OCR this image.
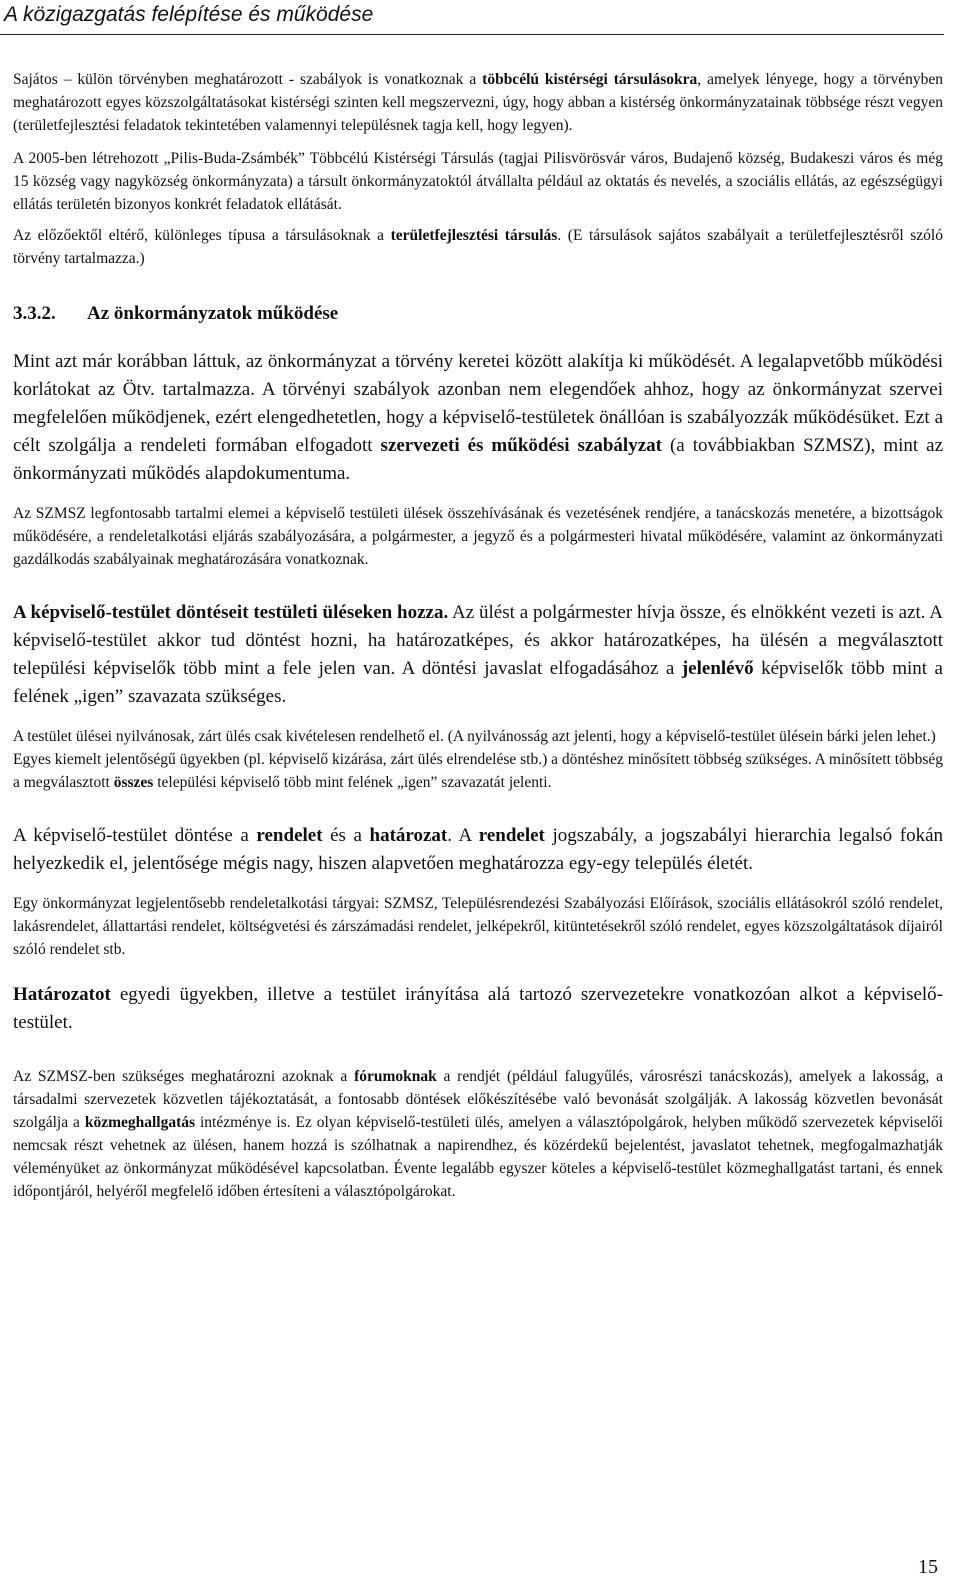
A közigazgatás felépítése és működése

Sajátos – külön törvényben meghatározott - szabályok is vonatkoznak a többcélú kistérségi társulásokra, amelyek lényege, hogy a törvényben meghatározott egyes közszolgáltatásokat kistérségi szinten kell megszervezni, úgy, hogy abban a kistérség önkormányzatainak többsége részt vegyen (területfejlesztési feladatok tekintetében valamennyi településnek tagja kell, hogy legyen).

A 2005-ben létrehozott „Pilis-Buda-Zsámbék” Többcélú Kistérségi Társulás (tagjai Pilisvörösvár város, Budajenő község, Budakeszi város és még 15 község vagy nagyközség önkormányzata) a társult önkormányzatoktól átvállalta például az oktatás és nevelés, a szociális ellátás, az egészségügyi ellátás területén bizonyos konkrét feladatok ellátását.

Az előzőektől eltérő, különleges típusa a társulásoknak a területfejlesztési társulás. (E társulások sajátos szabályait a területfejlesztésről szóló törvény tartalmazza.)

3.3.2. Az önkormányzatok működése

Mint azt már korábban láttuk, az önkormányzat a törvény keretei között alakítja ki működését. A legalapvetőbb működési korlátokat az Ötv. tartalmazza. A törvényi szabályok azonban nem elegendőek ahhoz, hogy az önkormányzat szervei megfelelően működjenek, ezért elengedhetetlen, hogy a képviselő-testületek önállóan is szabályozzák működésüket. Ezt a célt szolgálja a rendeleti formában elfogadott szervezeti és működési szabályzat (a továbbiakban SZMSZ), mint az önkormányzati működés alapdokumentuma.

Az SZMSZ legfontosabb tartalmi elemei a képviselő testületi ülések összehívásának és vezetésének rendjére, a tanácskozás menetére, a bizottságok működésére, a rendeletalkotási eljárás szabályozására, a polgármester, a jegyző és a polgármesteri hivatal működésére, valamint az önkormányzati gazdálkodás szabályainak meghatározására vonatkoznak.

A képviselő-testület döntéseit testületi üléseken hozza. Az ülést a polgármester hívja össze, és elnökként vezeti is azt. A képviselő-testület akkor tud döntést hozni, ha határozatképes, és akkor határozatképes, ha ülésén a megválasztott települési képviselők több mint a fele jelen van. A döntési javaslat elfogadásához a jelenlévő képviselők több mint a felének „igen” szavazata szükséges.

A testület ülései nyilvánosak, zárt ülés csak kivételesen rendelhető el. (A nyilvánosság azt jelenti, hogy a képviselő-testület ülésein bárki jelen lehet.)

Egyes kiemelt jelentőségű ügyekben (pl. képviselő kizárása, zárt ülés elrendelése stb.) a döntéshez minősített többség szükséges. A minősített többség a megválasztott összes települési képviselő több mint felének „igen” szavazatát jelenti.

A képviselő-testület döntése a rendelet és a határozat. A rendelet jogszabály, a jogszabályi hierarchia legalsó fokán helyezkedik el, jelentősége mégis nagy, hiszen alapvetően meghatározza egy-egy település életét.

Egy önkormányzat legjelentősebb rendeletalkotási tárgyai: SZMSZ, Településrendezési Szabályozási Előírások, szociális ellátásokról szóló rendelet, lakásrendelet, állattartási rendelet, költségvetési és zárszámadási rendelet, jelképekről, kitüntetésekről szóló rendelet, egyes közszolgáltatások díjairól szóló rendelet stb.

Határozatot egyedi ügyekben, illetve a testület irányítása alá tartozó szervezetekre vonatkozóan alkot a képviselő-testület.

Az SZMSZ-ben szükséges meghatározni azoknak a fórumoknak a rendjét (például falugyűlés, városrészi tanácskozás), amelyek a lakosság, a társadalmi szervezetek közvetlen tájékoztatását, a fontosabb döntések előkészítésébe való bevonását szolgálják. A lakosság közvetlen bevonását szolgálja a közmeghallgatás intézménye is. Ez olyan képviselő-testületi ülés, amelyen a választópolgárok, helyben működő szervezetek képviselői nemcsak részt vehetnek az ülésen, hanem hozzá is szólhatnak a napirendhez, és közérdekű bejelentést, javaslatot tehetnek, megfogalmazhatják véleményüket az önkormányzat működésével kapcsolatban. Évente legalább egyszer köteles a képviselő-testület közmeghallgatást tartani, és ennek időpontjáról, helyéről megfelelő időben értesíteni a választópolgárokat.

15
